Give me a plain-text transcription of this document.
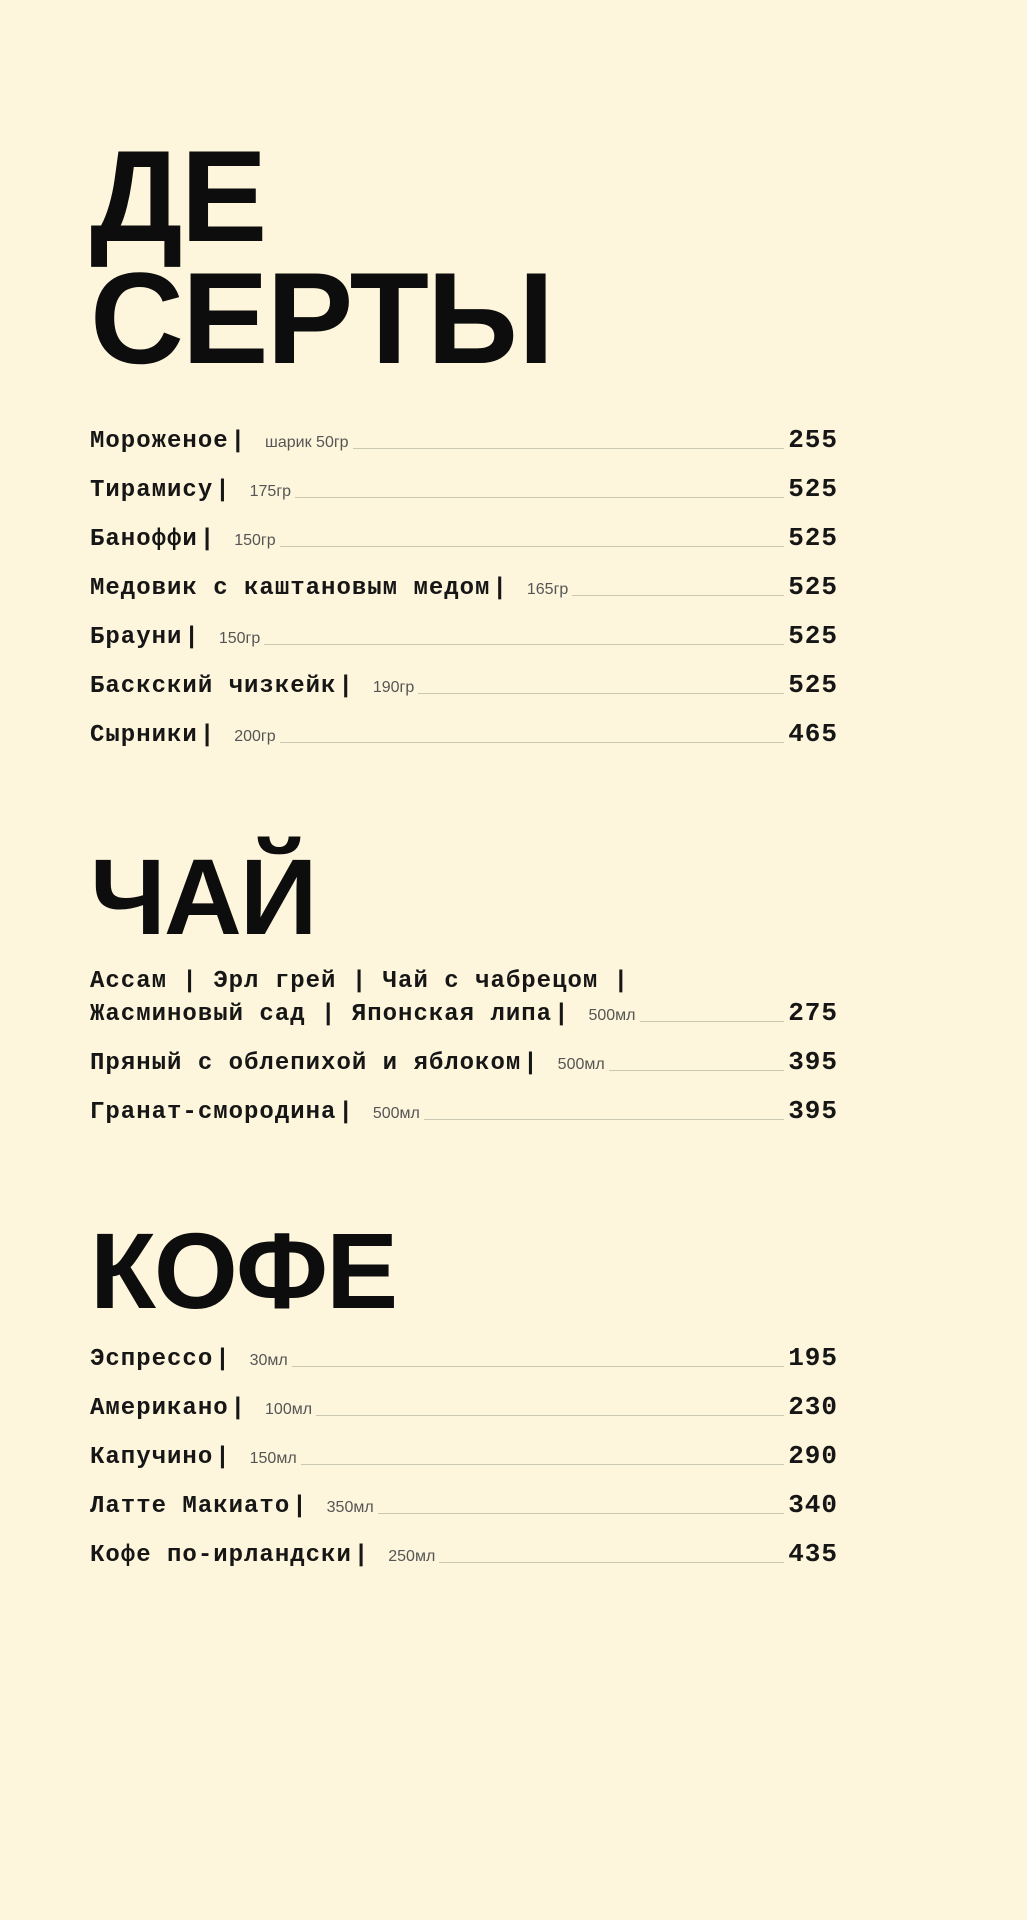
ДЕ
СЕРТЫ
Мороженое | шарик 50гр	255
Тирамису | 175гр	525
Баноффи | 150гр	525
Медовик с каштановым медом | 165гр	525
Брауни | 150гр	525
Баскский чизкейк | 190гр	525
Сырники | 200гр	465
ЧАЙ
Ассам | Эрл грей | Чай с чабрецом |
Жасминовый сад | Японская липа | 500мл	275
Пряный с облепихой и яблоком | 500мл	395
Гранат-смородина | 500мл	395
КОФЕ
Эспрессо | 30мл	195
Американо | 100мл	230
Капучино | 150мл	290
Латте Макиато | 350мл	340
Кофе по-ирландски | 250мл	435
